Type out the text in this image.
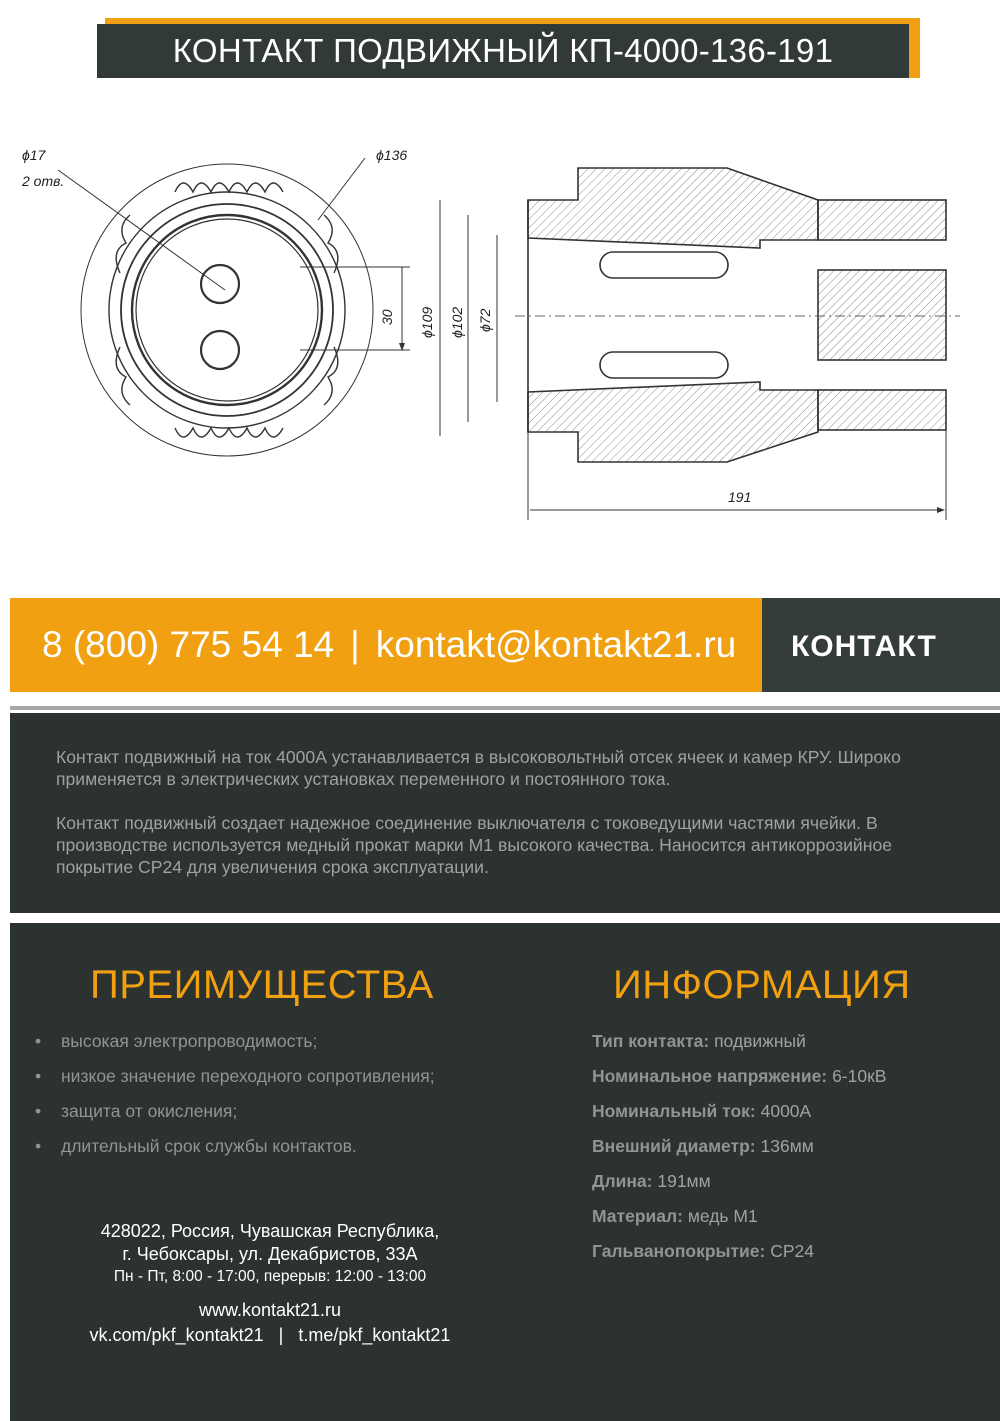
КОНТАКТ ПОДВИЖНЫЙ КП-4000-136-191
ϕ17
2 отв.
ϕ136
30 ϕ109 ϕ102 ϕ72
191
8 (800) 775 54 14 | kontakt@kontakt21.ru КОНТАКТ

Контакт подвижный на ток 4000А устанавливается в высоковольтный отсек ячеек и камер КРУ. Широко применяется в электрических установках переменного и постоянного тока.

Контакт подвижный создает надежное соединение выключателя с токоведущими частями ячейки. В производстве используется медный прокат марки М1 высокого качества. Наносится антикоррозийное покрытие СР24 для увеличения срока эксплуатации.

ПРЕИМУЩЕСТВА	ИНФОРМАЦИЯ
• высокая электропроводимость;
• низкое значение переходного сопротивления;
• защита от окисления;
• длительный срок службы контактов.
Тип контакта: подвижный
Номинальное напряжение: 6-10кВ
Номинальный ток: 4000А
Внешний диаметр: 136мм
Длина: 191мм
Материал: медь М1
Гальванопокрытие: СР24
428022, Россия, Чувашская Республика,
г. Чебоксары, ул. Декабристов, 33А
Пн - Пт, 8:00 - 17:00, перерыв: 12:00 - 13:00
www.kontakt21.ru
vk.com/pkf_kontakt21 | t.me/pkf_kontakt21
